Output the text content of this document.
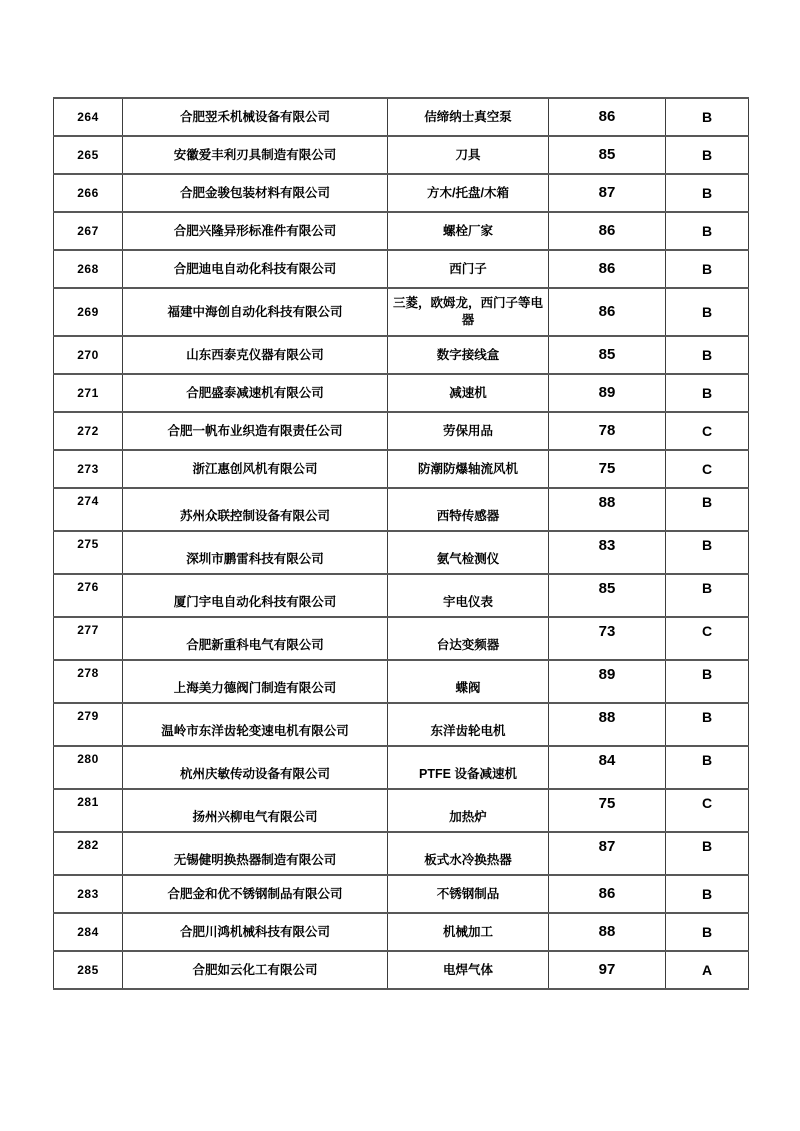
264	合肥翌禾机械设备有限公司	佶缔纳士真空泵	86	B
265	安徽爱丰利刃具制造有限公司	刀具	85	B
266	合肥金骏包装材料有限公司	方木/托盘/木箱	87	B
267	合肥兴隆异形标准件有限公司	螺栓厂家	86	B
268	合肥迪电自动化科技有限公司	西门子	86	B
269	福建中海创自动化科技有限公司	三菱，欧姆龙，西门子等电器	86	B
270	山东西泰克仪器有限公司	数字接线盒	85	B
271	合肥盛泰减速机有限公司	减速机	89	B
272	合肥一帆布业织造有限责任公司	劳保用品	78	C
273	浙江惠创风机有限公司	防潮防爆轴流风机	75	C
274	苏州众联控制设备有限公司	西特传感器	88	B
275	深圳市鹏雷科技有限公司	氨气检测仪	83	B
276	厦门宇电自动化科技有限公司	宇电仪表	85	B
277	合肥新重科电气有限公司	台达变频器	73	C
278	上海美力德阀门制造有限公司	蝶阀	89	B
279	温岭市东洋齿轮变速电机有限公司	东洋齿轮电机	88	B
280	杭州庆敏传动设备有限公司	PTFE 设备减速机	84	B
281	扬州兴柳电气有限公司	加热炉	75	C
282	无锡健明换热器制造有限公司	板式水冷换热器	87	B
283	合肥金和优不锈钢制品有限公司	不锈钢制品	86	B
284	合肥川鸿机械科技有限公司	机械加工	88	B
285	合肥如云化工有限公司	电焊气体	97	A
